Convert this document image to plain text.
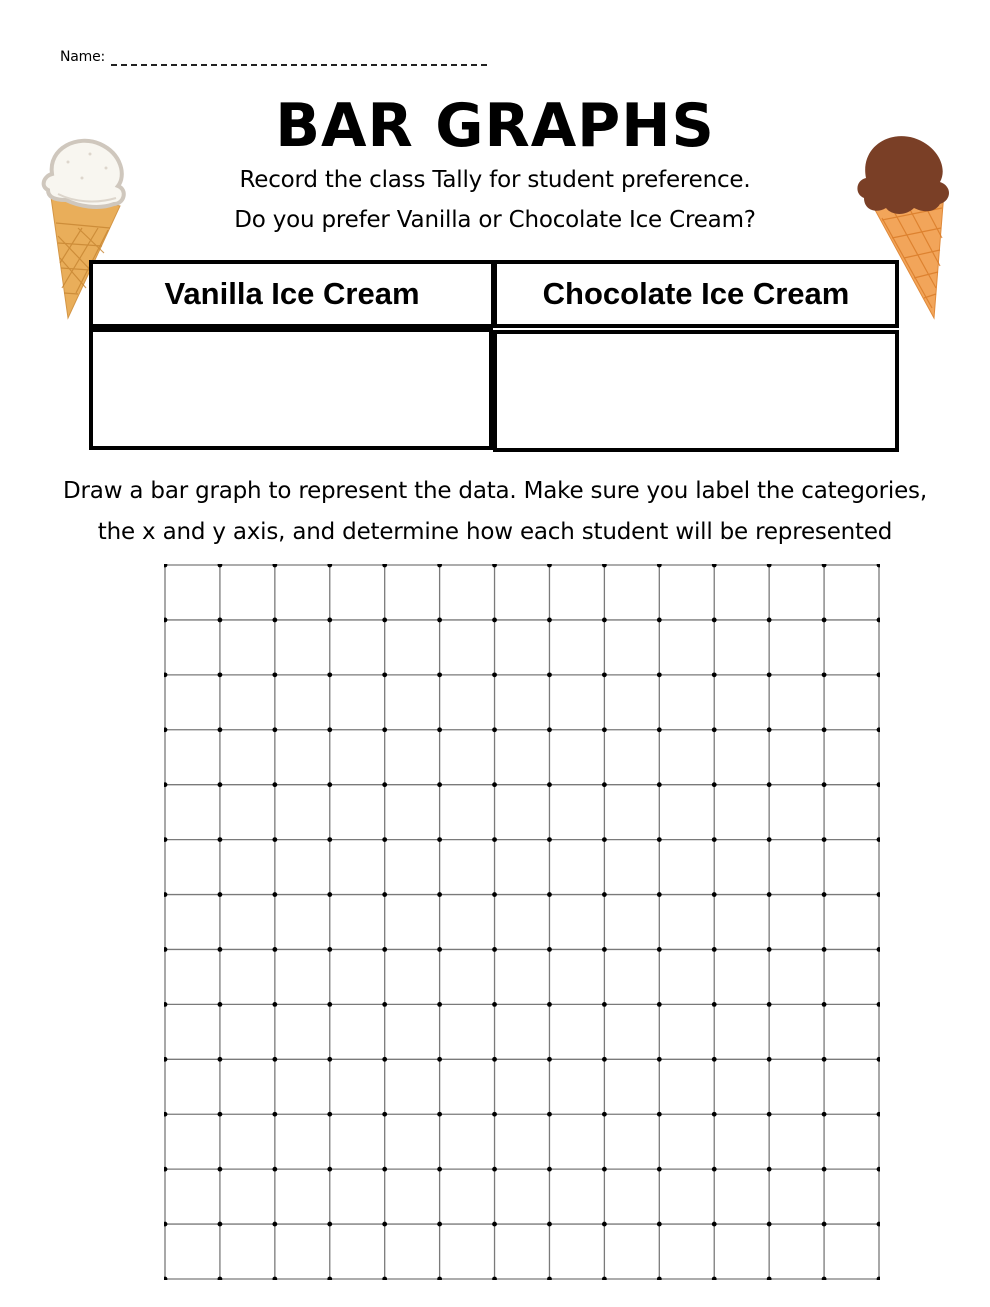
Name:
BAR GRAPHS
Record the class Tally for student preference.
Do you prefer Vanilla or Chocolate Ice Cream?
Vanilla Ice Cream	Chocolate Ice Cream
Draw a bar graph to represent the data. Make sure you label the categories,
the x and y axis, and determine how each student will be represented
